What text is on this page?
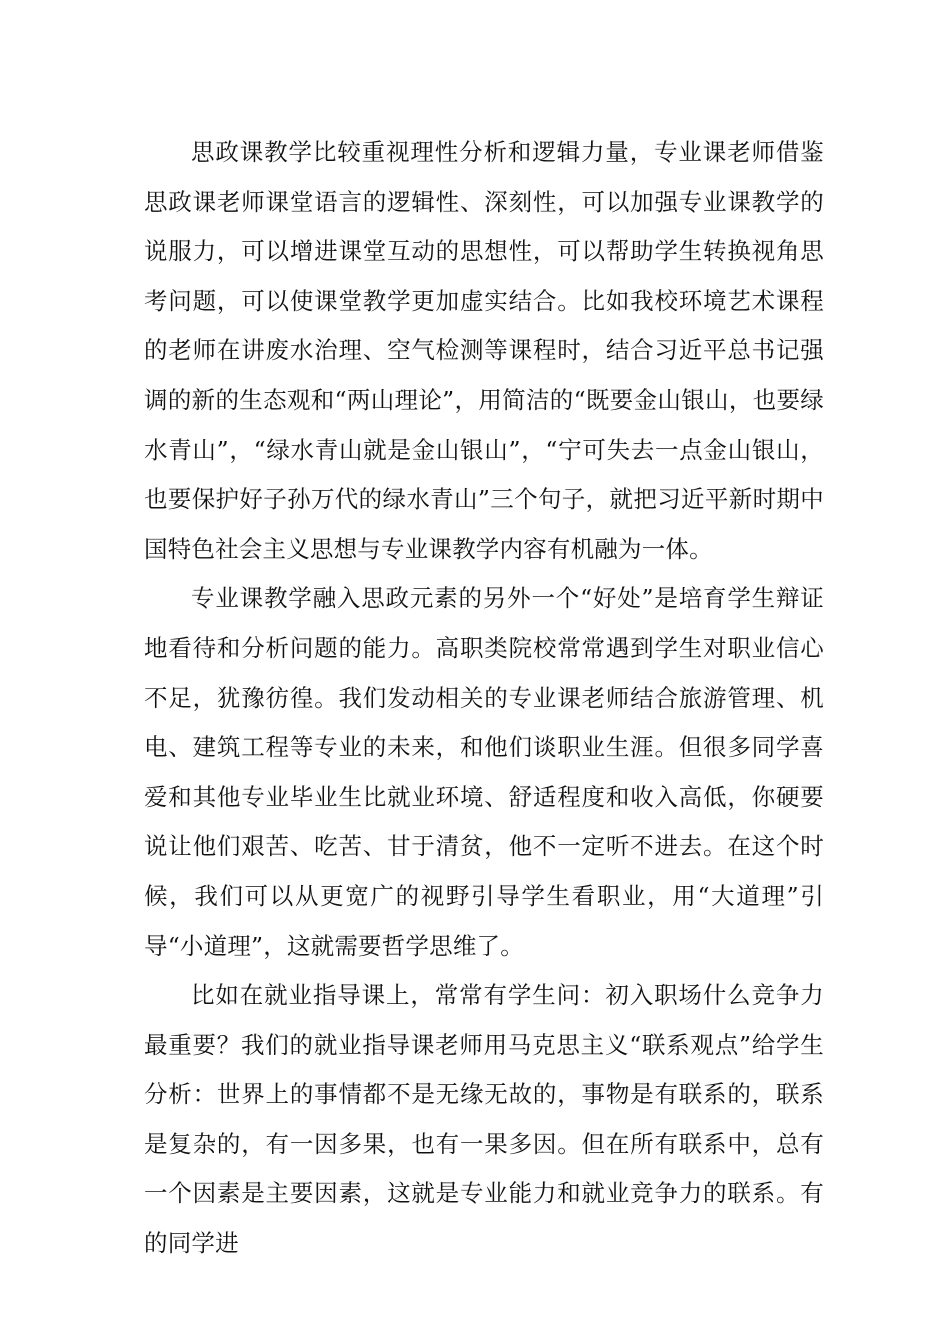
思政课教学比较重视理性分析和逻辑力量，专业课老师借鉴思政课老师课堂语言的逻辑性、深刻性，可以加强专业课教学的说服力，可以增进课堂互动的思想性，可以帮助学生转换视角思考问题，可以使课堂教学更加虚实结合。比如我校环境艺术课程的老师在讲废水治理、空气检测等课程时，结合习近平总书记强调的新的生态观和“两山理论”，用简洁的“既要金山银山，也要绿水青山”，“绿水青山就是金山银山”，“宁可失去一点金山银山，也要保护好子孙万代的绿水青山”三个句子，就把习近平新时期中国特色社会主义思想与专业课教学内容有机融为一体。

专业课教学融入思政元素的另外一个“好处”是培育学生辩证地看待和分析问题的能力。高职类院校常常遇到学生对职业信心不足，犹豫彷徨。我们发动相关的专业课老师结合旅游管理、机电、建筑工程等专业的未来，和他们谈职业生涯。但很多同学喜爱和其他专业毕业生比就业环境、舒适程度和收入高低，你硬要说让他们艰苦、吃苦、甘于清贫，他不一定听不进去。在这个时候，我们可以从更宽广的视野引导学生看职业，用“大道理”引导“小道理”，这就需要哲学思维了。

比如在就业指导课上，常常有学生问：初入职场什么竞争力最重要？我们的就业指导课老师用马克思主义“联系观点”给学生分析：世界上的事情都不是无缘无故的，事物是有联系的，联系是复杂的，有一因多果，也有一果多因。但在所有联系中，总有一个因素是主要因素，这就是专业能力和就业竞争力的联系。有的同学进
